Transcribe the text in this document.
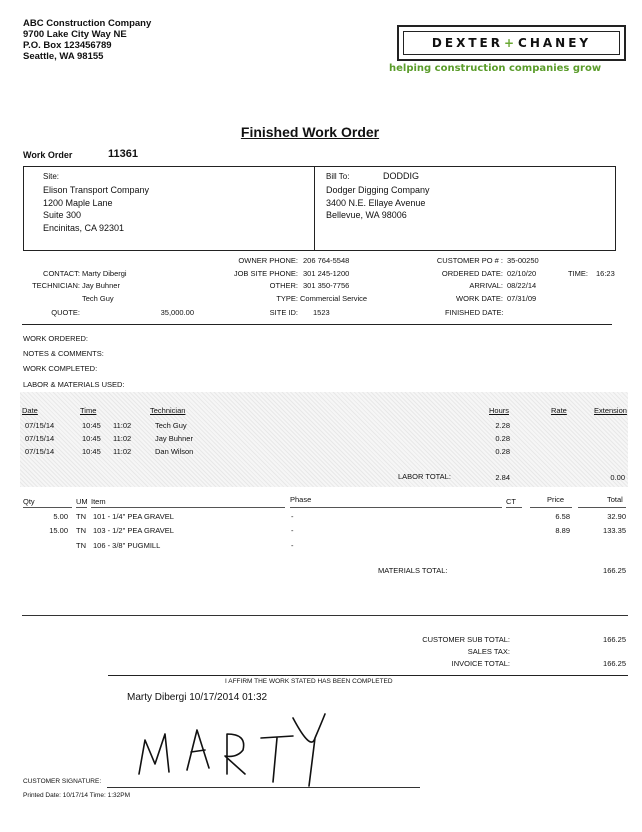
ABC Construction Company
9700 Lake City Way NE
P.O. Box 123456789
Seattle, WA 98155
DEXTER + CHANEY
helping construction companies grow
Finished Work Order
Work Order	11361
Site:
Elison Transport Company
1200 Maple Lane
Suite 300
Encinitas, CA 92301
Bill To:	DODDIG
Dodger Digging Company
3400 N.E. Ellaye Avenue
Bellevue, WA 98006
OWNER PHONE: 206 764-5548
JOB SITE PHONE: 301 245-1200
OTHER: 301 350-7756
TYPE: Commercial Service
SITE ID: 1523
CONTACT: Marty Dibergi
TECHNICIAN: Jay Buhner
Tech Guy
QUOTE:	35,000.00
CUSTOMER PO # : 35-00250
ORDERED DATE: 02/10/20	TIME: 16:23
ARRIVAL: 08/22/14
WORK DATE: 07/31/09
FINISHED DATE:
WORK ORDERED:
NOTES & COMMENTS:
WORK COMPLETED:
LABOR & MATERIALS USED:
Date	Time	Technician	Hours	Rate	Extension
07/15/14	10:45 11:02	Tech Guy	2.28
07/15/14	10:45 11:02	Jay Buhner	0.28
07/15/14	10:45 11:02	Dan Wilson	0.28
LABOR TOTAL:	2.84	0.00
Qty	UM Item	Phase	CT	Price	Total
5.00 TN 101 - 1/4" PEA GRAVEL	-	6.58	32.90
15.00 TN 103 - 1/2" PEA GRAVEL	-	8.89	133.35
TN 106 - 3/8" PUGMILL	-
MATERIALS TOTAL:	166.25
CUSTOMER SUB TOTAL:	166.25
SALES TAX:
INVOICE TOTAL:	166.25
I AFFIRM THE WORK STATED HAS BEEN COMPLETED
Marty Dibergi 10/17/2014 01:32
CUSTOMER SIGNATURE:
Printed Date: 10/17/14 Time: 1:32PM
